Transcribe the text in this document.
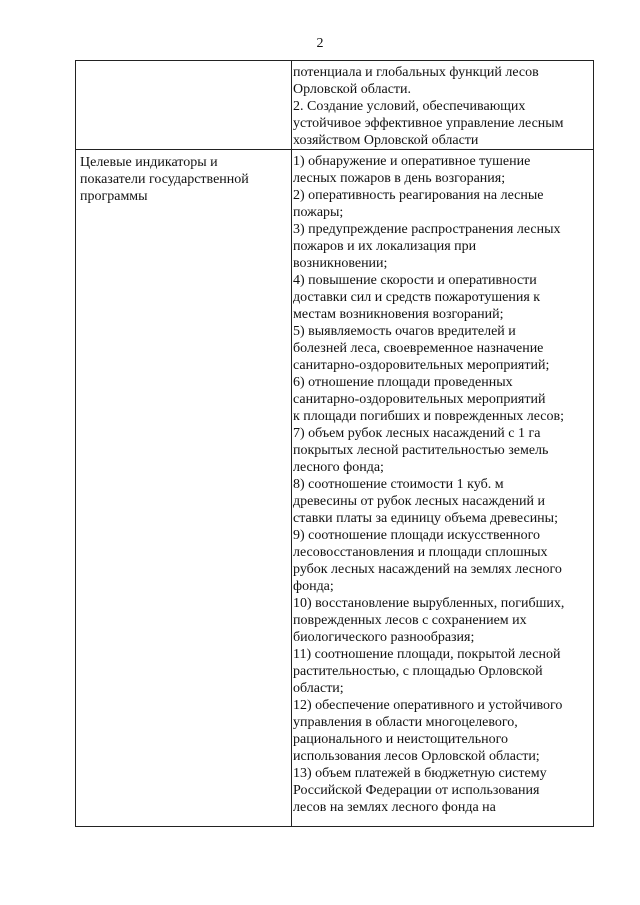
2

потенциала и глобальных функций лесов
Орловской области.
2. Создание условий, обеспечивающих
устойчивое эффективное управление лесным
хозяйством Орловской области

Целевые индикаторы и
показатели государственной
программы

1) обнаружение и оперативное тушение
лесных пожаров в день возгорания;
2) оперативность реагирования на лесные
пожары;
3) предупреждение распространения лесных
пожаров и их локализация при
возникновении;
4) повышение скорости и оперативности
доставки сил и средств пожаротушения к
местам возникновения возгораний;
5) выявляемость очагов вредителей и
болезней леса, своевременное назначение
санитарно-оздоровительных мероприятий;
6) отношение площади проведенных
санитарно-оздоровительных мероприятий
к площади погибших и поврежденных лесов;
7) объем рубок лесных насаждений с 1 га
покрытых лесной растительностью земель
лесного фонда;
8) соотношение стоимости 1 куб. м
древесины от рубок лесных насаждений и
ставки платы за единицу объема древесины;
9) соотношение площади искусственного
лесовосстановления и площади сплошных
рубок лесных насаждений на землях лесного
фонда;
10) восстановление вырубленных, погибших,
поврежденных лесов с сохранением их
биологического разнообразия;
11) соотношение площади, покрытой лесной
растительностью, с площадью Орловской
области;
12) обеспечение оперативного и устойчивого
управления в области многоцелевого,
рационального и неистощительного
использования лесов Орловской области;
13) объем платежей в бюджетную систему
Российской Федерации от использования
лесов на землях лесного фонда на
